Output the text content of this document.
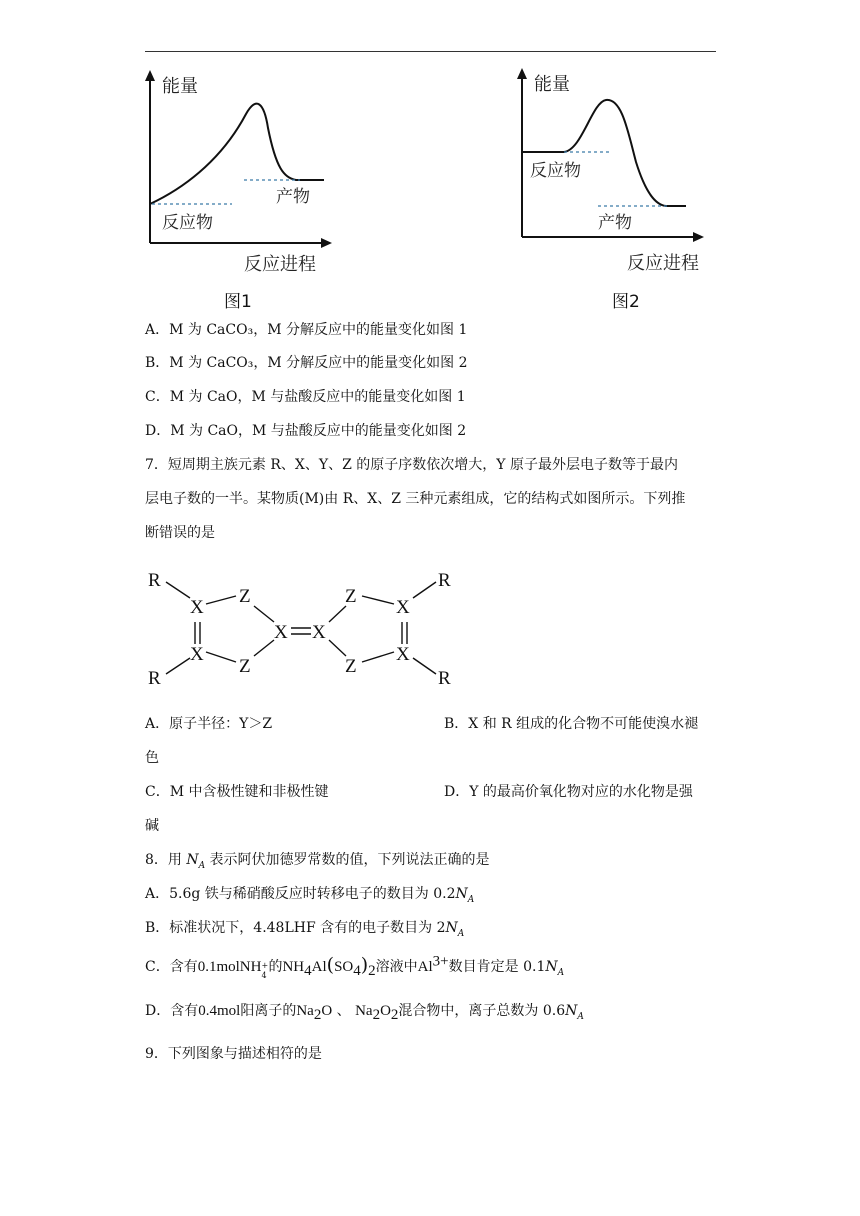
能量
产物
反应物
反应进程
图1
能量
反应物
产物
反应进程
图2
A．M 为 CaCO₃，M 分解反应中的能量变化如图 1
B．M 为 CaCO₃，M 分解反应中的能量变化如图 2
C．M 为 CaO，M 与盐酸反应中的能量变化如图 1
D．M 为 CaO，M 与盐酸反应中的能量变化如图 2
7．短周期主族元素 R、X、Y、Z 的原子序数依次增大，Y 原子最外层电子数等于最内
层电子数的一半。某物质(M)由 R、X、Z 三种元素组成，它的结构式如图所示。下列推
断错误的是
R
R
X
X
Z
Z
X X
Z
Z
X
X
R
R
A．原子半径：Y＞Z	B．X 和 R 组成的化合物不可能使溴水褪
色
C．M 中含极性键和非极性键	D．Y 的最高价氧化物对应的水化物是强
碱
8．用 $N_A$ 表示阿伏加德罗常数的值，下列说法正确的是
A．5.6g 铁与稀硝酸反应时转移电子的数目为 $0.2N_A$
B．标准状况下，4.48LHF 含有的电子数目为 $2N_A$
C．含有0.1molNH +
4
的$NH_4Al(SO_4)_2$溶液中$Al^{3+}$数目肯定是 $0.1N_A$
D．含有0.4mol阳离子的$Na_2O$ 、 $Na_2O_2$混合物中，离子总数为 $0.6N_A$
9．下列图象与描述相符的是
